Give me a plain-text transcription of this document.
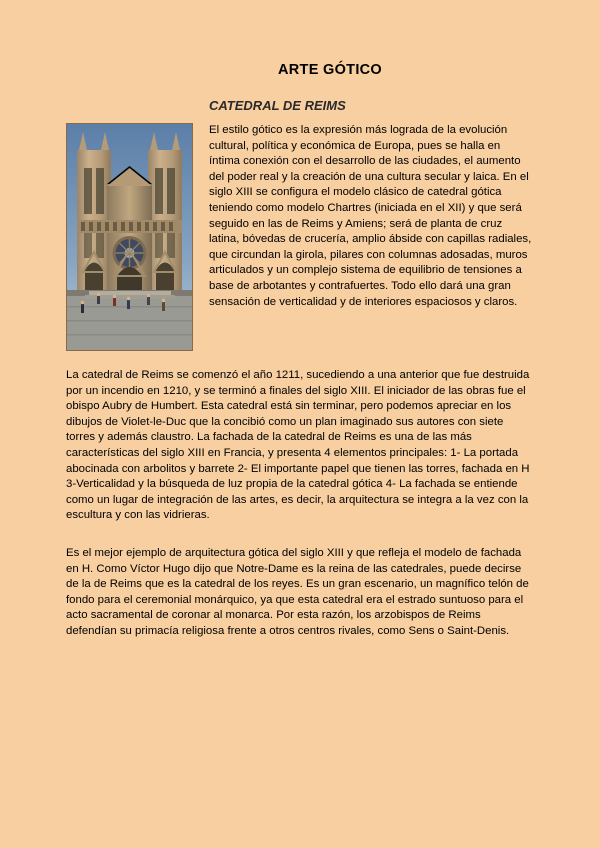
ARTE GÓTICO
CATEDRAL DE REIMS
El estilo gótico es la expresión más lograda de la evolución cultural, política y económica de Europa, pues se halla en íntima conexión con el desarrollo de las ciudades, el aumento del poder real y la creación de una cultura secular y laica. En el siglo XIII se configura el modelo clásico de catedral gótica teniendo como modelo Chartres (iniciada en el XII) y que será seguido en las de Reims y Amiens; será de planta de cruz latina, bóvedas de crucería, amplio ábside con capillas radiales, que circundan la girola, pilares con columnas adosadas, muros articulados y un complejo sistema de equilibrio de tensiones a base de arbotantes y contrafuertes. Todo ello dará una gran sensación de verticalidad y de interiores espaciosos y claros.

La catedral de Reims se comenzó el año 1211, sucediendo a una anterior que fue destruida por un incendio en 1210, y se terminó a finales del siglo XIII. El iniciador de las obras fue el obispo Aubry de Humbert. Esta catedral está sin terminar, pero podemos apreciar en los dibujos de Violet-le-Duc que la concibió como un plan imaginado sus autores con siete torres y además claustro. La fachada de la catedral de Reims es una de las más características del siglo XIII en Francia, y presenta 4 elementos principales: 1- La portada abocinada con arbolitos y barrete 2- El importante papel que tienen las torres, fachada en H 3-Verticalidad y la búsqueda de luz propia de la catedral gótica 4- La fachada se entiende como un lugar de integración de las artes, es decir, la arquitectura se integra a la vez con la escultura y con las vidrieras.

Es el mejor ejemplo de arquitectura gótica del siglo XIII y que refleja el modelo de fachada en H. Como Víctor Hugo dijo que Notre-Dame es la reina de las catedrales, puede decirse de la de Reims que es la catedral de los reyes. Es un gran escenario, un magnífico telón de fondo para el ceremonial monárquico, ya que esta catedral era el estrado suntuoso para el acto sacramental de coronar al monarca. Por esta razón, los arzobispos de Reims defendían su primacía religiosa frente a otros centros rivales, como Sens o Saint-Denis.
